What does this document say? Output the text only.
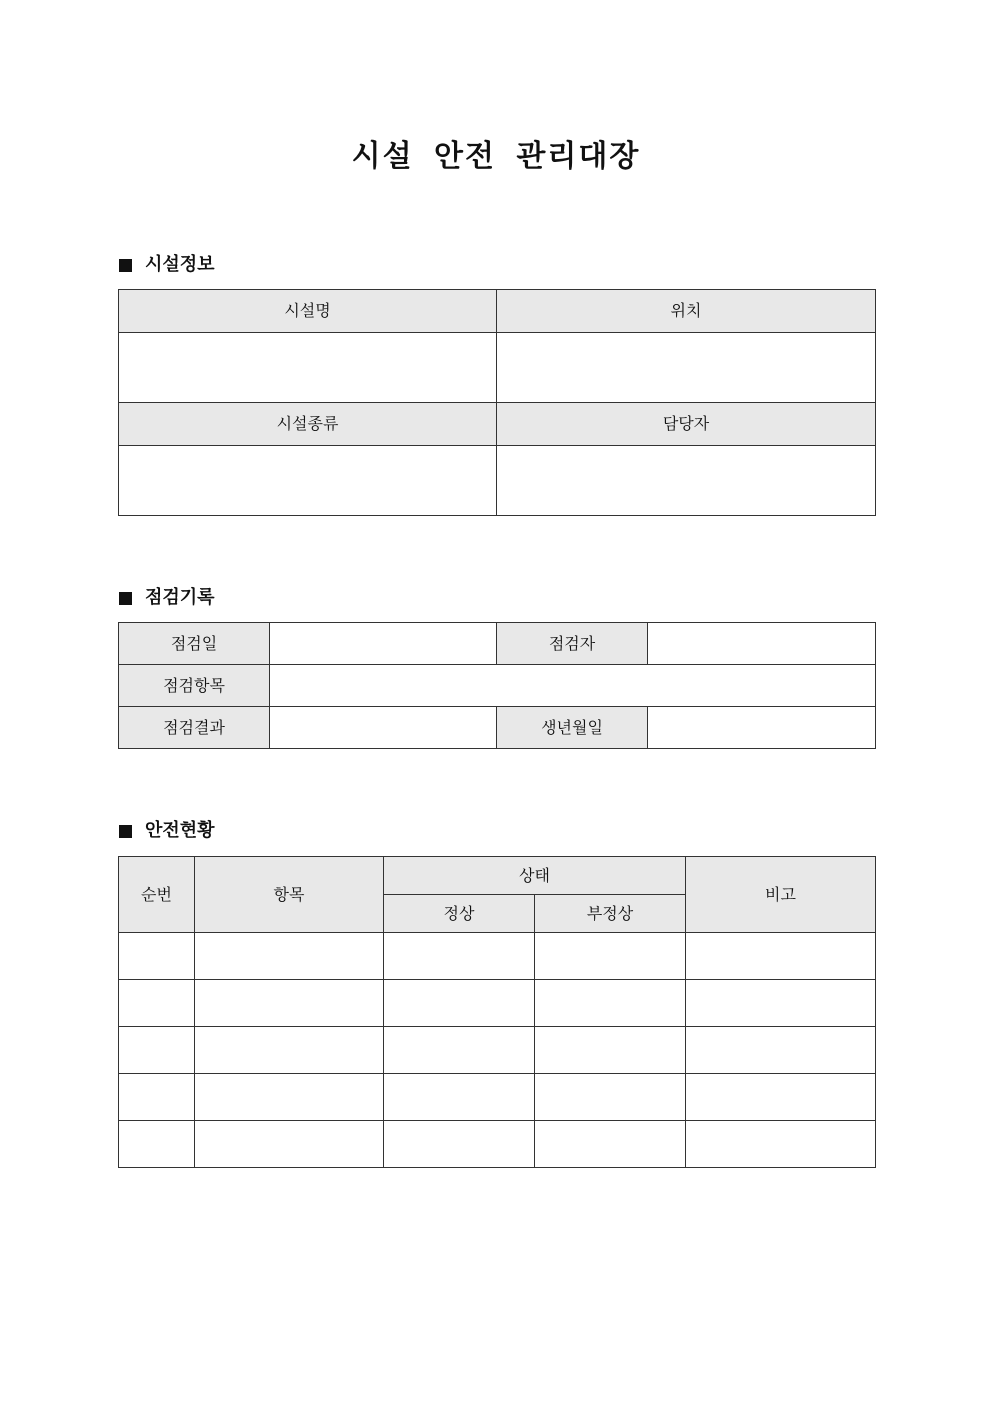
시설 안전 관리대장
시설정보
시설명	위치

시설종류	담당자

점검기록
점검일		점검자	
점검항목			
점검결과		생년월일	
안전현황
순번	항목	상태		비고
		정상	부정상	
